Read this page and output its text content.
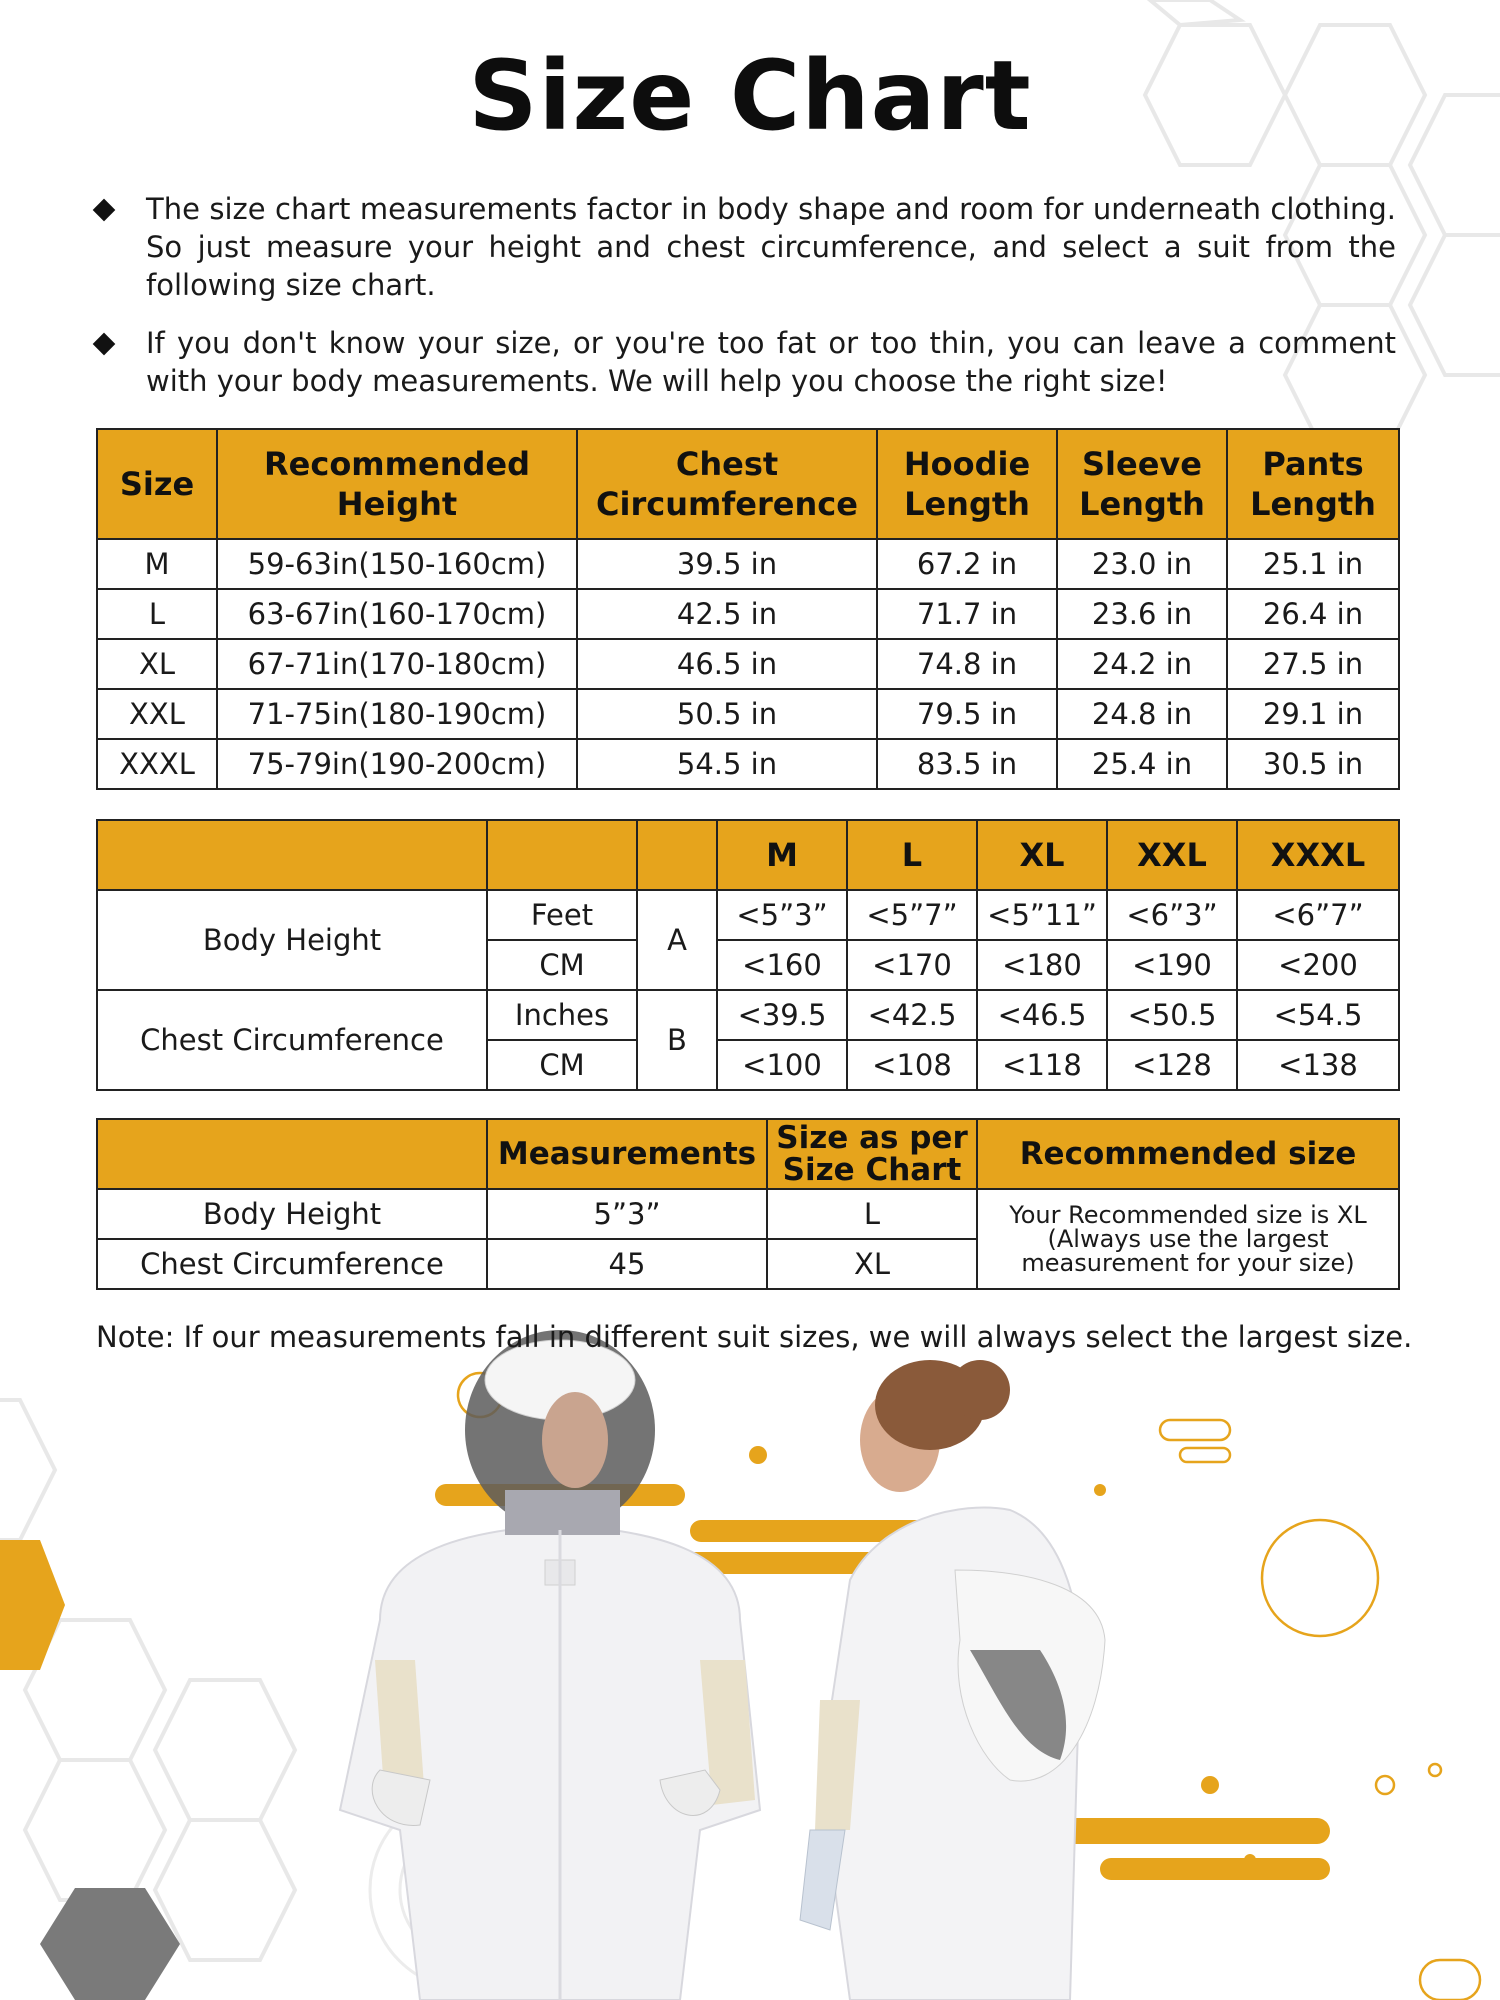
Size Chart
The size chart measurements factor in body shape and room for underneath clothing. So just measure your height and chest circumference, and select a suit from the following size chart.
If you don't know your size, or you're too fat or too thin, you can leave a comment with your body measurements. We will help you choose the right size!
Size	Recommended Height	Chest Circumference	Hoodie Length	Sleeve Length	Pants Length
M	59-63in(150-160cm)	39.5 in	67.2 in	23.0 in	25.1 in
L	63-67in(160-170cm)	42.5 in	71.7 in	23.6 in	26.4 in
XL	67-71in(170-180cm)	46.5 in	74.8 in	24.2 in	27.5 in
XXL	71-75in(180-190cm)	50.5 in	79.5 in	24.8 in	29.1 in
XXXL	75-79in(190-200cm)	54.5 in	83.5 in	25.4 in	30.5 in
			M	L	XL	XXL	XXXL
Body Height	Feet	A	<5”3”	<5”7”	<5”11”	<6”3”	<6”7”
	CM		<160	<170	<180	<190	<200
Chest Circumference	Inches	B	<39.5	<42.5	<46.5	<50.5	<54.5
	CM		<100	<108	<118	<128	<138
	Measurements	Size as per Size Chart	Recommended size
Body Height	5”3”	L	Your Recommended size is XL (Always use the largest measurement for your size)
Chest Circumference	45	XL	
Note: If our measurements fall in different suit sizes, we will always select the largest size.
